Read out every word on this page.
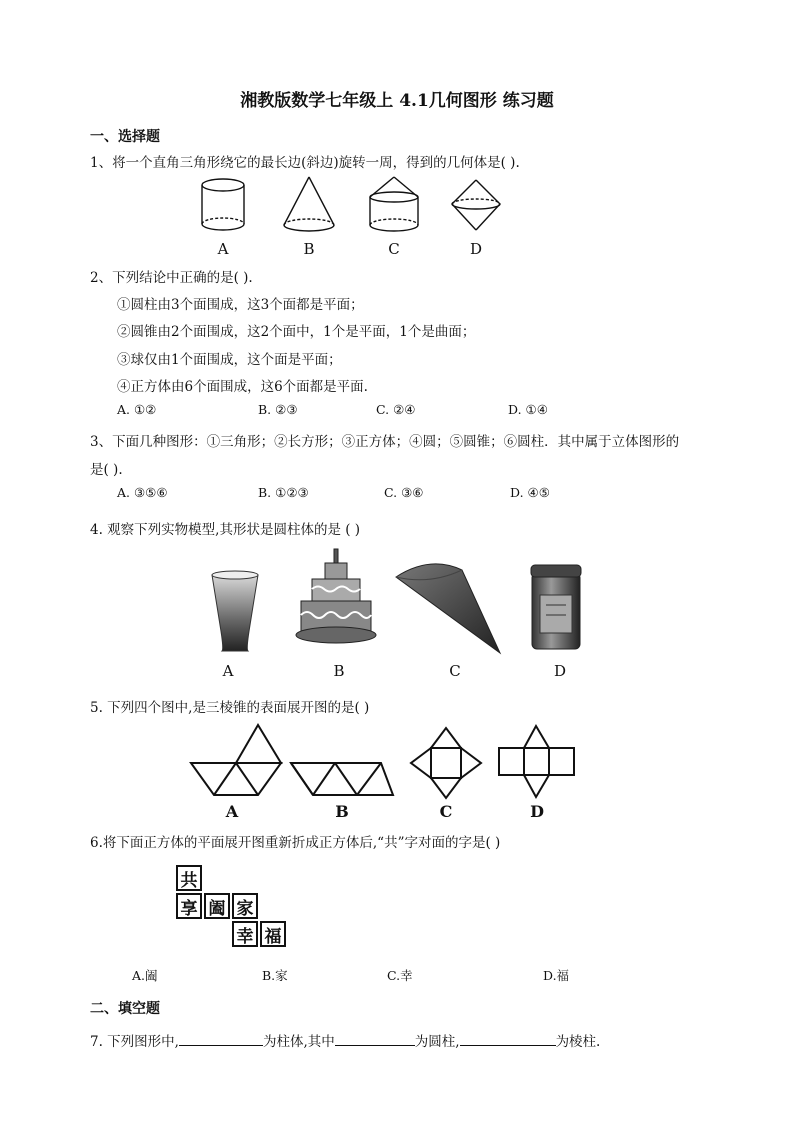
湘教版数学七年级上 4.1几何图形 练习题
一、选择题
1、将一个直角三角形绕它的最长边(斜边)旋转一周，得到的几何体是( ).
A	B	C	D
2、下列结论中正确的是( ).
①圆柱由3个面围成，这3个面都是平面；
②圆锥由2个面围成，这2个面中，1个是平面，1个是曲面；
③球仅由1个面围成，这个面是平面；
④正方体由6个面围成，这6个面都是平面.
A. ①②	B. ②③	C. ②④	D. ①④
3、下面几种图形：①三角形；②长方形；③正方体；④圆；⑤圆锥；⑥圆柱．其中属于立体图形的
是( ).
A. ③⑤⑥	B. ①②③	C. ③⑥	D. ④⑤
4. 观察下列实物模型,其形状是圆柱体的是 ( )
A	B	C	D
5. 下列四个图中,是三棱锥的表面展开图的是( )
A	B	C	D
6.将下面正方体的平面展开图重新折成正方体后,“共”字对面的字是( )
共
享 阖 家
幸 福
A.阖	B.家	C.幸	D.福
二、填空题
7. 下列图形中,	为柱体,其中	为圆柱,	为棱柱.
